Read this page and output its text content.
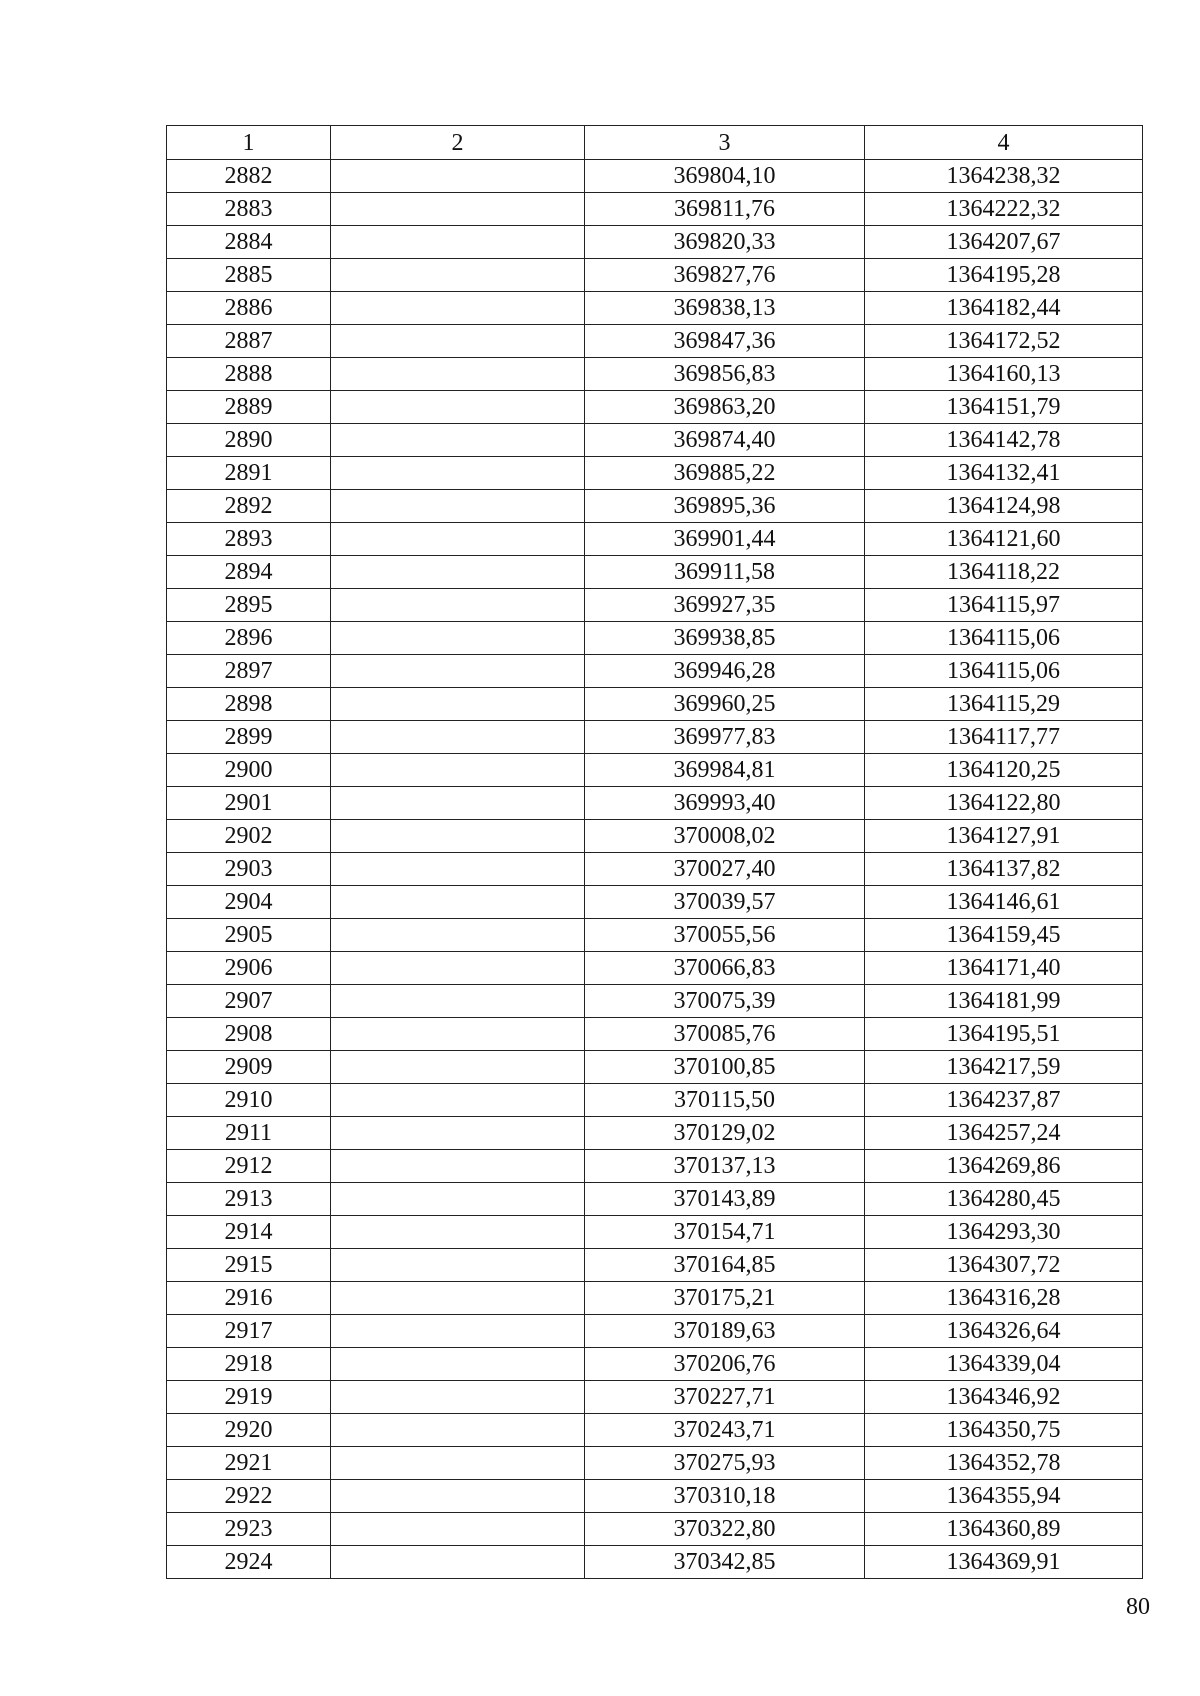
1	2	3	4
2882		369804,10	1364238,32
2883		369811,76	1364222,32
2884		369820,33	1364207,67
2885		369827,76	1364195,28
2886		369838,13	1364182,44
2887		369847,36	1364172,52
2888		369856,83	1364160,13
2889		369863,20	1364151,79
2890		369874,40	1364142,78
2891		369885,22	1364132,41
2892		369895,36	1364124,98
2893		369901,44	1364121,60
2894		369911,58	1364118,22
2895		369927,35	1364115,97
2896		369938,85	1364115,06
2897		369946,28	1364115,06
2898		369960,25	1364115,29
2899		369977,83	1364117,77
2900		369984,81	1364120,25
2901		369993,40	1364122,80
2902		370008,02	1364127,91
2903		370027,40	1364137,82
2904		370039,57	1364146,61
2905		370055,56	1364159,45
2906		370066,83	1364171,40
2907		370075,39	1364181,99
2908		370085,76	1364195,51
2909		370100,85	1364217,59
2910		370115,50	1364237,87
2911		370129,02	1364257,24
2912		370137,13	1364269,86
2913		370143,89	1364280,45
2914		370154,71	1364293,30
2915		370164,85	1364307,72
2916		370175,21	1364316,28
2917		370189,63	1364326,64
2918		370206,76	1364339,04
2919		370227,71	1364346,92
2920		370243,71	1364350,75
2921		370275,93	1364352,78
2922		370310,18	1364355,94
2923		370322,80	1364360,89
2924		370342,85	1364369,91
80
